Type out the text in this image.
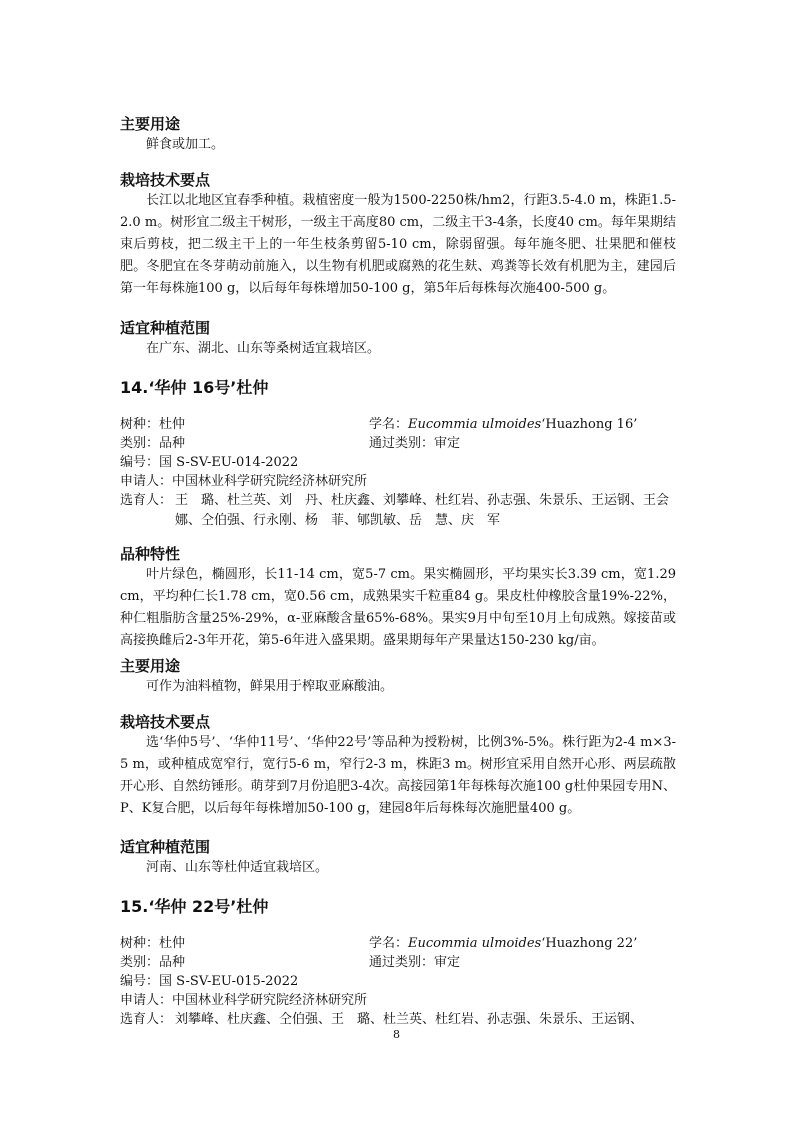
主要用途
鲜食或加工。
栽培技术要点
长江以北地区宜春季种植。栽植密度一般为1500-2250株/hm2，行距3.5-4.0 m，株距1.5-2.0 m。树形宜二级主干树形，一级主干高度80 cm，二级主干3-4条，长度40 cm。每年果期结束后剪枝，把二级主干上的一年生枝条剪留5-10 cm，除弱留强。每年施冬肥、壮果肥和催枝肥。冬肥宜在冬芽萌动前施入，以生物有机肥或腐熟的花生麸、鸡粪等长效有机肥为主，建园后第一年每株施100 g，以后每年每株增加50-100 g，第5年后每株每次施400-500 g。
适宜种植范围
在广东、湖北、山东等桑树适宜栽培区。
14.‘华仲 16号’杜仲
树种：杜仲	学名：Eucommia ulmoides‘Huazhong 16’
类别：品种	通过类别：审定
编号：国 S-SV-EU-014-2022
申请人：中国林业科学研究院经济林研究所
选育人： 王　璐、杜兰英、刘　丹、杜庆鑫、刘攀峰、杜红岩、孙志强、朱景乐、王运钢、王会娜、仝伯强、行永刚、杨　菲、郇凯敏、岳　慧、庆　军
品种特性
叶片绿色，椭圆形，长11-14 cm，宽5-7 cm。果实椭圆形，平均果实长3.39 cm，宽1.29 cm，平均种仁长1.78 cm，宽0.56 cm，成熟果实千粒重84 g。果皮杜仲橡胶含量19%-22%，种仁粗脂肪含量25%-29%，α-亚麻酸含量65%-68%。果实9月中旬至10月上旬成熟。嫁接苗或高接换雌后2-3年开花，第5-6年进入盛果期。盛果期每年产果量达150-230 kg/亩。
主要用途
可作为油料植物，鲜果用于榨取亚麻酸油。
栽培技术要点
选‘华仲5号’、‘华仲11号’、‘华仲22号’等品种为授粉树，比例3%-5%。株行距为2-4 m×3-5 m，或种植成宽窄行，宽行5-6 m，窄行2-3 m，株距3 m。树形宜采用自然开心形、两层疏散开心形、自然纺锤形。萌芽到7月份追肥3-4次。高接园第1年每株每次施100 g杜仲果园专用N、P、K复合肥，以后每年每株增加50-100 g，建园8年后每株每次施肥量400 g。
适宜种植范围
河南、山东等杜仲适宜栽培区。
15.‘华仲 22号’杜仲
树种：杜仲	学名：Eucommia ulmoides‘Huazhong 22’
类别：品种	通过类别：审定
编号：国 S-SV-EU-015-2022
申请人：中国林业科学研究院经济林研究所
选育人： 刘攀峰、杜庆鑫、仝伯强、王　璐、杜兰英、杜红岩、孙志强、朱景乐、王运钢、
8
